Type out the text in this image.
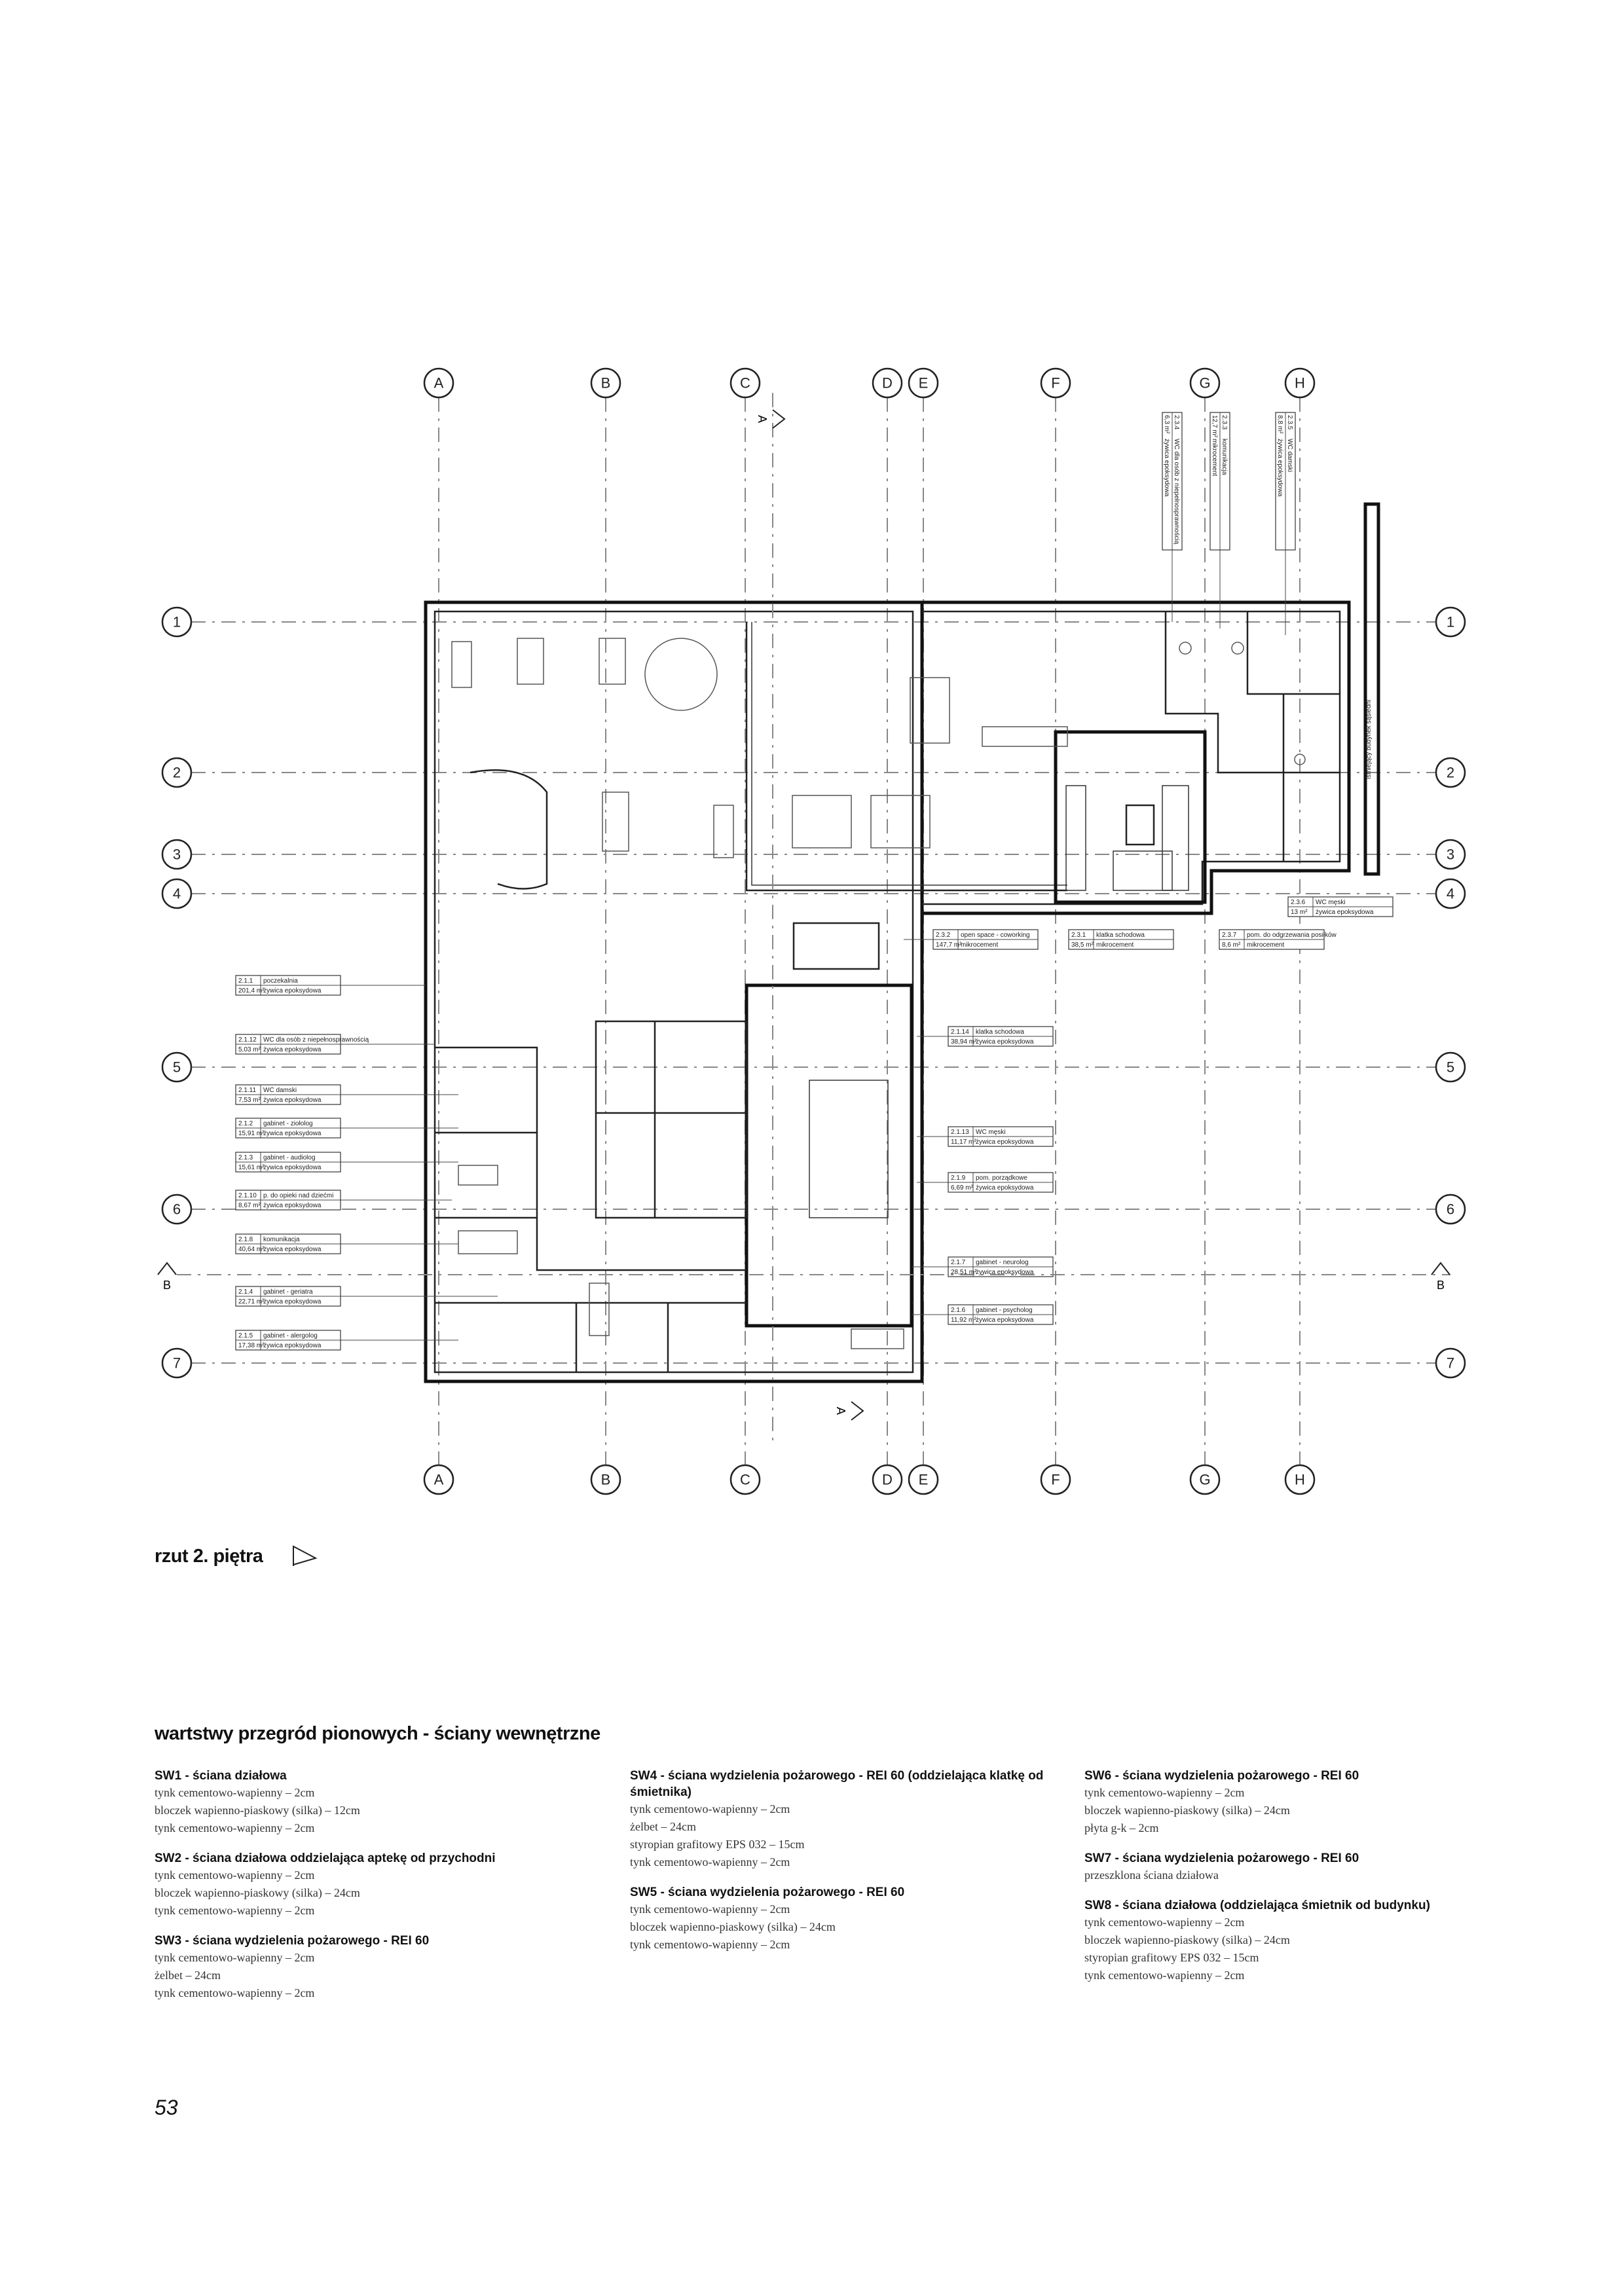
A
A
B
B
C
C
D
D
E
E
F
F
G
G
H
H
1	1
2	2
3	3
4	4
5	5
6	6
7	7
2.1.1 poczekalnia
201,4 m²
żywica epoksydowa
2.1.12 WC dla osób z niepełnosprawnością
5,03 m² żywica epoksydowa
2.1.11 WC damski
7,53 m² żywica epoksydowa
2.1.2 gabinet - ziołolog
15,91 m²
żywica epoksydowa
2.1.3 gabinet - audiolog
15,61 m²
żywica epoksydowa
2.1.10 p. do opieki nad dziećmi
8,67 m² żywica epoksydowa
2.1.8 komunikacja
40,64 m²
żywica epoksydowa
2.1.4 gabinet - geriatra
22,71 m²
żywica epoksydowa
2.1.5 gabinet - alergolog
17,38 m²
żywica epoksydowa
2.3.2 open space - coworking
147,7 m²
mikrocement
2.3.1 klatka schodowa
38,5 m² mikrocement
2.3.7 pom. do odgrzewania posiłków
8,6 m² mikrocement
2.3.6 WC męski
13 m² żywica epoksydowa
2.1.14 klatka schodowa
38,94 m²
żywica epoksydowa
2.1.13 WC męski
11,17 m² żywica epoksydowa
2.1.9 pom. porządkowe
6,69 m² żywica epoksydowa
2.1.7 gabinet - neurolog
28,51 m²
żywica epoksydowa
2.1.6 gabinet - psycholog
11,92 m² żywica epoksydowa
2.3.4
WC dla osób z niepełnosprawnością
6,3 m²
żywica epoksydowa
2.3.3
komunikacja
12,7 m²
mikrocement
2.3.5
WC damski
8,8 m²
żywica epoksydowa
istniejący budynek sąsiedni
A
A
B	B
rzut 2. piętra
wartstwy przegród pionowych - ściany wewnętrzne
SW1 - ściana działowa
tynk cementowo-wapienny – 2cm
bloczek wapienno-piaskowy (silka) – 12cm
tynk cementowo-wapienny – 2cm
SW2 - ściana działowa oddzielająca aptekę od przychodni
tynk cementowo-wapienny – 2cm
bloczek wapienno-piaskowy (silka) – 24cm
tynk cementowo-wapienny – 2cm
SW3 - ściana wydzielenia pożarowego - REI 60
tynk cementowo-wapienny – 2cm
żelbet – 24cm
tynk cementowo-wapienny – 2cm
SW4 - ściana wydzielenia pożarowego - REI 60 (oddzielająca klatkę od śmietnika)
tynk cementowo-wapienny – 2cm
żelbet – 24cm
styropian grafitowy EPS 032 – 15cm
tynk cementowo-wapienny – 2cm
SW5 - ściana wydzielenia pożarowego - REI 60
tynk cementowo-wapienny – 2cm
bloczek wapienno-piaskowy (silka) – 24cm
tynk cementowo-wapienny – 2cm
SW6 - ściana wydzielenia pożarowego - REI 60
tynk cementowo-wapienny – 2cm
bloczek wapienno-piaskowy (silka) – 24cm
płyta g-k – 2cm
SW7 - ściana wydzielenia pożarowego - REI 60
przeszklona ściana działowa
SW8 - ściana działowa (oddzielająca śmietnik od budynku)
tynk cementowo-wapienny – 2cm
bloczek wapienno-piaskowy (silka) – 24cm
styropian grafitowy EPS 032 – 15cm
tynk cementowo-wapienny – 2cm
53
